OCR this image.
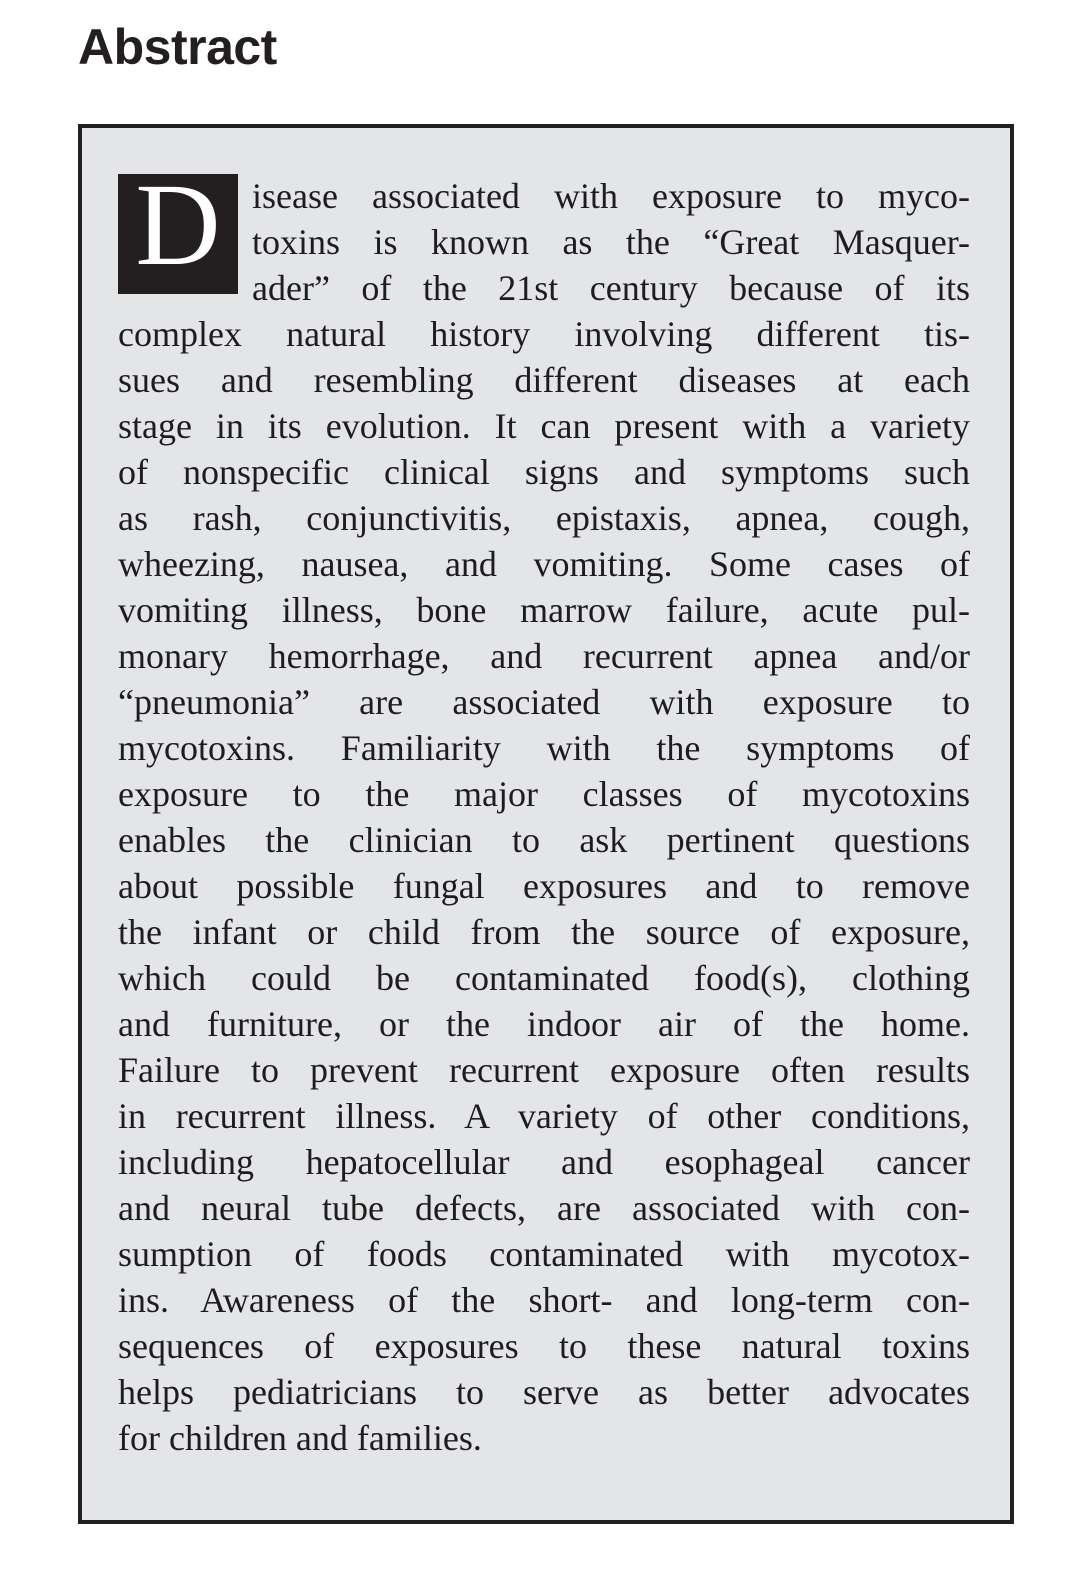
Abstract
D isease associated with exposure to myco-
toxins is known as the “Great Masquer-
ader” of the 21st century because of its
complex natural history involving different tis-
sues and resembling different diseases at each
stage in its evolution. It can present with a variety
of nonspecific clinical signs and symptoms such
as rash, conjunctivitis, epistaxis, apnea, cough,
wheezing, nausea, and vomiting. Some cases of
vomiting illness, bone marrow failure, acute pul-
monary hemorrhage, and recurrent apnea and/or
“pneumonia” are associated with exposure to
mycotoxins. Familiarity with the symptoms of
exposure to the major classes of mycotoxins
enables the clinician to ask pertinent questions
about possible fungal exposures and to remove
the infant or child from the source of exposure,
which could be contaminated food(s), clothing
and furniture, or the indoor air of the home.
Failure to prevent recurrent exposure often results
in recurrent illness. A variety of other conditions,
including hepatocellular and esophageal cancer
and neural tube defects, are associated with con-
sumption of foods contaminated with mycotox-
ins. Awareness of the short- and long-term con-
sequences of exposures to these natural toxins
helps pediatricians to serve as better advocates
for children and families.
